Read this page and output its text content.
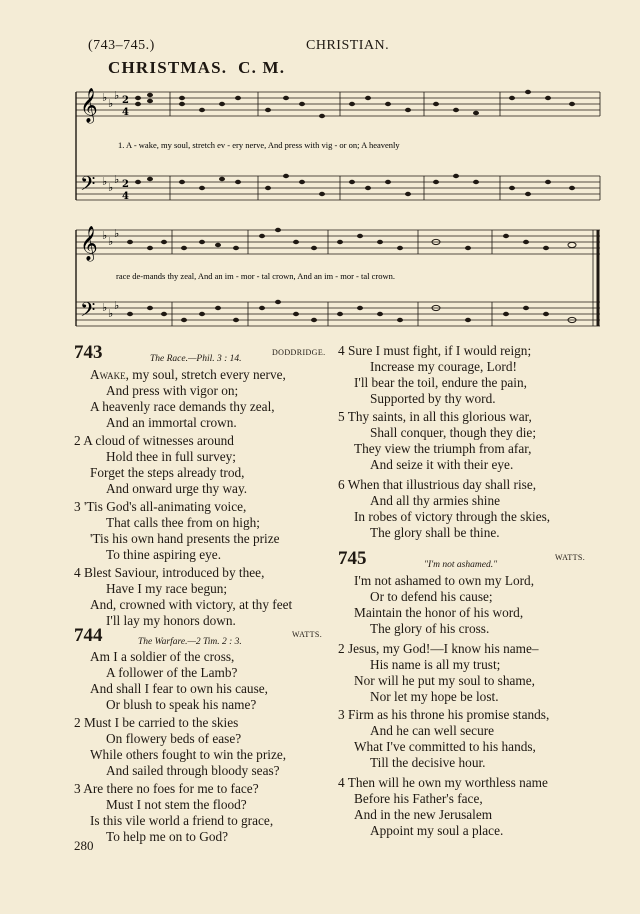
(743–745.)	CHRISTIAN.
CHRISTMAS. C. M.
𝄞
𝄢
♭ ♭
♭
♭ ♭
♭
2
4
2
4
1. A - wake, my soul, stretch ev - ery nerve, And press with vig - or on; A heavenly
𝄞
𝄢
♭ ♭
♭
♭ ♭
♭
race de-mands thy zeal, And an im - mor - tal crown, And an im - mor - tal crown.
743	The Race.—Phil. 3 : 14.
DODDRIDGE.
Awake, my soul, stretch every nerve,
And press with vigor on;
A heavenly race demands thy zeal,
And an immortal crown.
2 A cloud of witnesses around
Hold thee in full survey;
Forget the steps already trod,
And onward urge thy way.
3 'Tis God's all-animating voice,
That calls thee from on high;
'Tis his own hand presents the prize
To thine aspiring eye.
4 Blest Saviour, introduced by thee,
Have I my race begun;
And, crowned with victory, at thy feet
I'll lay my honors down.
744	The Warfare.—2 Tim. 2 : 3.
WATTS.
Am I a soldier of the cross,
A follower of the Lamb?
And shall I fear to own his cause,
Or blush to speak his name?
2 Must I be carried to the skies
On flowery beds of ease?
While others fought to win the prize,
And sailed through bloody seas?
3 Are there no foes for me to face?
Must I not stem the flood?
Is this vile world a friend to grace,
To help me on to God?
280
4 Sure I must fight, if I would reign;
Increase my courage, Lord!
I'll bear the toil, endure the pain,
Supported by thy word.
5 Thy saints, in all this glorious war,
Shall conquer, though they die;
They view the triumph from afar,
And seize it with their eye.
6 When that illustrious day shall rise,
And all thy armies shine
In robes of victory through the skies,
The glory shall be thine.
745	"I'm not ashamed."
WATTS.
I'm not ashamed to own my Lord,
Or to defend his cause;
Maintain the honor of his word,
The glory of his cross.
2 Jesus, my God!—I know his name–
His name is all my trust;
Nor will he put my soul to shame,
Nor let my hope be lost.
3 Firm as his throne his promise stands,
And he can well secure
What I've committed to his hands,
Till the decisive hour.
4 Then will he own my worthless name
Before his Father's face,
And in the new Jerusalem
Appoint my soul a place.
